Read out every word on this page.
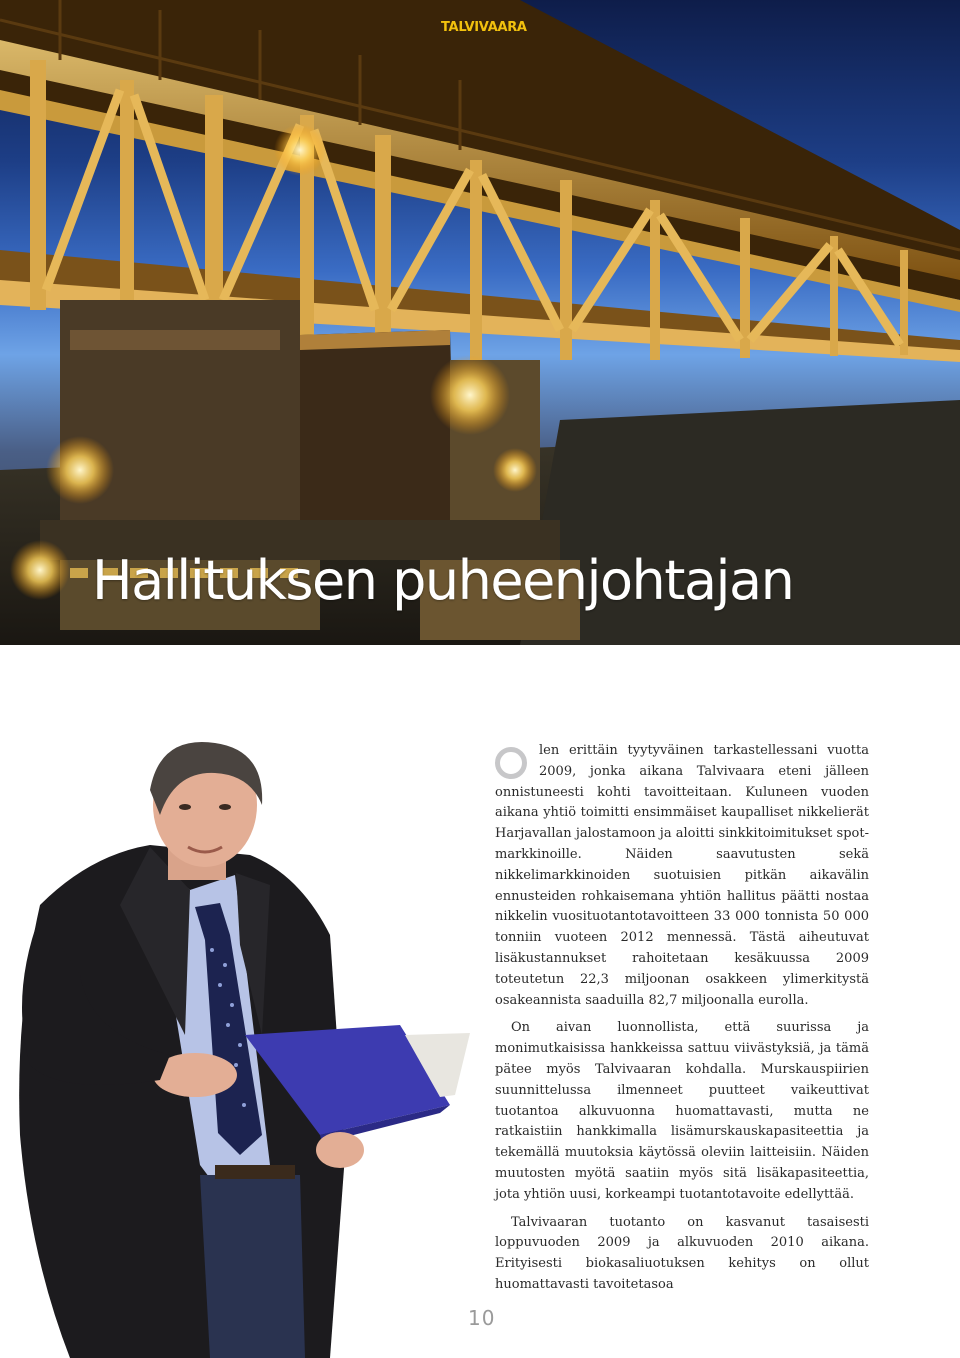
TALVIVAARA
Hallituksen puheenjohtajan

len erittäin tyytyväinen tarkastellessani vuotta 2009, jonka aikana Talvivaara eteni jälleen onnistuneesti kohti tavoitteitaan. Kuluneen vuoden aikana yhtiö toimitti ensimmäiset kaupalliset nikkelierät Harjavallan jalostamoon ja aloitti sinkkitoimitukset spot-markkinoille. Näiden saavutusten sekä nikkelimarkkinoiden suotuisien pitkän aikavälin ennusteiden rohkaisemana yhtiön hallitus päätti nostaa nikkelin vuosituotantotavoitteen 33 000 tonnista 50 000 tonniin vuoteen 2012 mennessä. Tästä aiheutuvat lisäkustannukset rahoitetaan kesäkuussa 2009 toteutetun 22,3 miljoonan osakkeen ylimerkitystä osakeannista saaduilla 82,7 miljoonalla eurolla.

On aivan luonnollista, että suurissa ja monimutkaisissa hankkeissa sattuu viivästyksiä, ja tämä pätee myös Talvivaaran kohdalla. Murskauspiirien suunnittelussa ilmenneet puutteet vaikeuttivat tuotantoa alkuvuonna huomattavasti, mutta ne ratkaistiin hankkimalla lisämurskauskapasiteettia ja tekemällä muutoksia käytössä oleviin laitteisiin. Näiden muutosten myötä saatiin myös sitä lisäkapasiteettia, jota yhtiön uusi, korkeampi tuotantotavoite edellyttää.

Talvivaaran tuotanto on kasvanut tasaisesti loppuvuoden 2009 ja alkuvuoden 2010 aikana. Erityisesti biokasaliuotuksen kehitys on ollut huomattavasti tavoitetasoa

10
